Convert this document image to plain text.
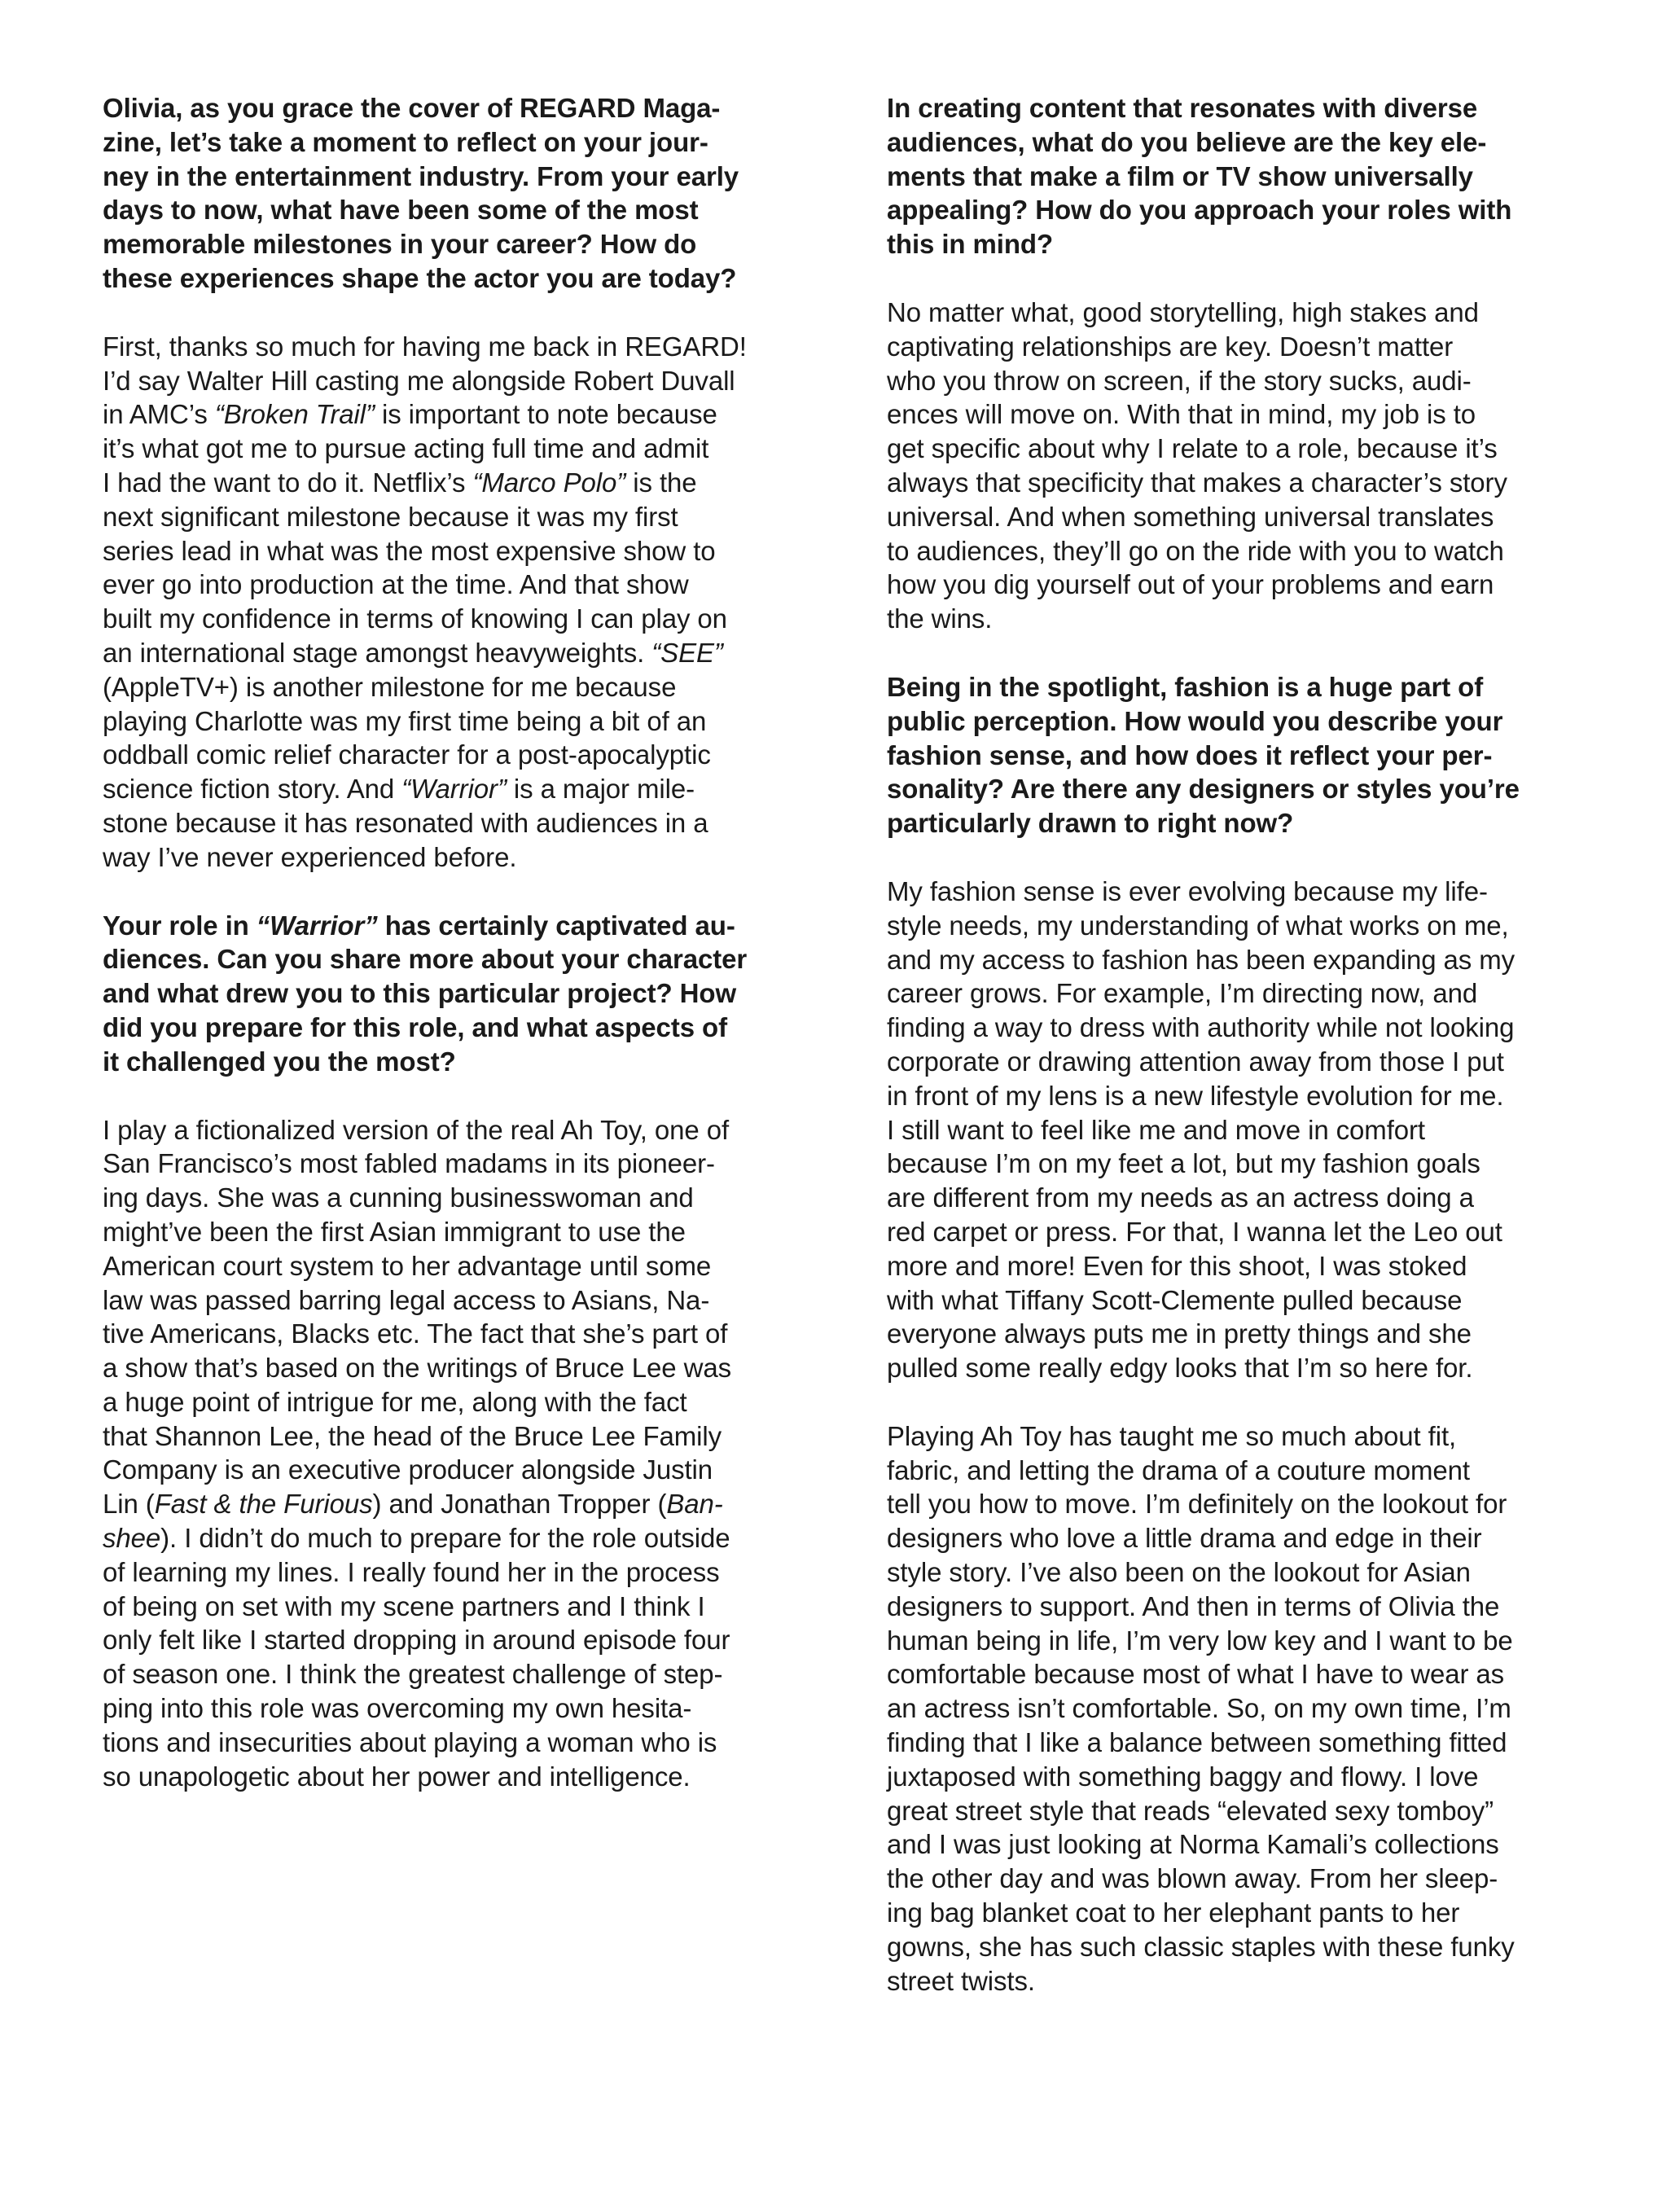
Olivia, as you grace the cover of REGARD Maga-
zine, let’s take a moment to reflect on your jour-
ney in the entertainment industry. From your early
days to now, what have been some of the most
memorable milestones in your career? How do
these experiences shape the actor you are today?
First, thanks so much for having me back in REGARD!
I’d say Walter Hill casting me alongside Robert Duvall
in AMC’s “Broken Trail” is important to note because
it’s what got me to pursue acting full time and admit
I had the want to do it. Netflix’s “Marco Polo” is the
next significant milestone because it was my first
series lead in what was the most expensive show to
ever go into production at the time. And that show
built my confidence in terms of knowing I can play on
an international stage amongst heavyweights. “SEE”
(AppleTV+) is another milestone for me because
playing Charlotte was my first time being a bit of an
oddball comic relief character for a post-apocalyptic
science fiction story. And “Warrior” is a major mile-
stone because it has resonated with audiences in a
way I’ve never experienced before.
Your role in “Warrior” has certainly captivated au-
diences. Can you share more about your character
and what drew you to this particular project? How
did you prepare for this role, and what aspects of
it challenged you the most?
I play a fictionalized version of the real Ah Toy, one of
San Francisco’s most fabled madams in its pioneer-
ing days. She was a cunning businesswoman and
might’ve been the first Asian immigrant to use the
American court system to her advantage until some
law was passed barring legal access to Asians, Na-
tive Americans, Blacks etc. The fact that she’s part of
a show that’s based on the writings of Bruce Lee was
a huge point of intrigue for me, along with the fact
that Shannon Lee, the head of the Bruce Lee Family
Company is an executive producer alongside Justin
Lin (Fast & the Furious) and Jonathan Tropper (Ban-
shee). I didn’t do much to prepare for the role outside
of learning my lines. I really found her in the process
of being on set with my scene partners and I think I
only felt like I started dropping in around episode four
of season one. I think the greatest challenge of step-
ping into this role was overcoming my own hesita-
tions and insecurities about playing a woman who is
so unapologetic about her power and intelligence.
In creating content that resonates with diverse
audiences, what do you believe are the key ele-
ments that make a film or TV show universally
appealing? How do you approach your roles with
this in mind?
No matter what, good storytelling, high stakes and
captivating relationships are key. Doesn’t matter
who you throw on screen, if the story sucks, audi-
ences will move on. With that in mind, my job is to
get specific about why I relate to a role, because it’s
always that specificity that makes a character’s story
universal. And when something universal translates
to audiences, they’ll go on the ride with you to watch
how you dig yourself out of your problems and earn
the wins.
Being in the spotlight, fashion is a huge part of
public perception. How would you describe your
fashion sense, and how does it reflect your per-
sonality? Are there any designers or styles you’re
particularly drawn to right now?
My fashion sense is ever evolving because my life-
style needs, my understanding of what works on me,
and my access to fashion has been expanding as my
career grows. For example, I’m directing now, and
finding a way to dress with authority while not looking
corporate or drawing attention away from those I put
in front of my lens is a new lifestyle evolution for me.
I still want to feel like me and move in comfort
because I’m on my feet a lot, but my fashion goals
are different from my needs as an actress doing a
red carpet or press. For that, I wanna let the Leo out
more and more! Even for this shoot, I was stoked
with what Tiffany Scott-Clemente pulled because
everyone always puts me in pretty things and she
pulled some really edgy looks that I’m so here for.
Playing Ah Toy has taught me so much about fit,
fabric, and letting the drama of a couture moment
tell you how to move. I’m definitely on the lookout for
designers who love a little drama and edge in their
style story. I’ve also been on the lookout for Asian
designers to support. And then in terms of Olivia the
human being in life, I’m very low key and I want to be
comfortable because most of what I have to wear as
an actress isn’t comfortable. So, on my own time, I’m
finding that I like a balance between something fitted
juxtaposed with something baggy and flowy. I love
great street style that reads “elevated sexy tomboy”
and I was just looking at Norma Kamali’s collections
the other day and was blown away. From her sleep-
ing bag blanket coat to her elephant pants to her
gowns, she has such classic staples with these funky
street twists.
